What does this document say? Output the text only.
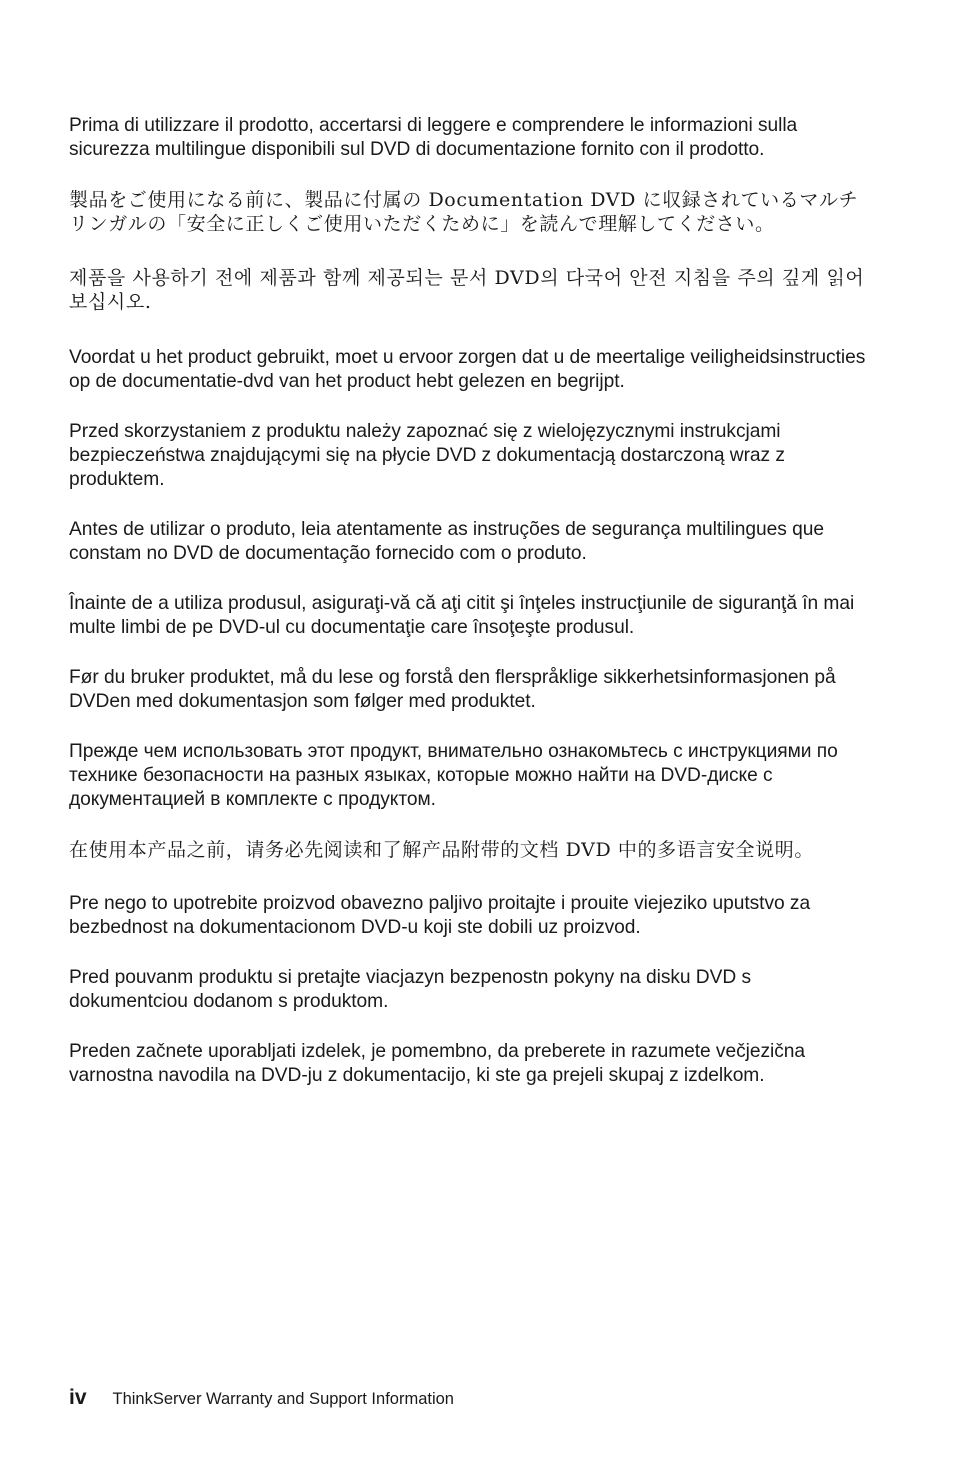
Prima di utilizzare il prodotto, accertarsi di leggere e comprendere le informazioni sulla sicurezza multilingue disponibili sul DVD di documentazione fornito con il prodotto.

製品をご使用になる前に、製品に付属の Documentation DVD に収録されているマルチリンガルの「安全に正しくご使用いただくために」を読んで理解してください。

제품을 사용하기 전에 제품과 함께 제공되는 문서 DVD의 다국어 안전 지침을 주의 깊게 읽어보십시오.

Voordat u het product gebruikt, moet u ervoor zorgen dat u de meertalige veiligheidsinstructies op de documentatie-dvd van het product hebt gelezen en begrijpt.

Przed skorzystaniem z produktu należy zapoznać się z wielojęzycznymi instrukcjami bezpieczeństwa znajdującymi się na płycie DVD z dokumentacją dostarczoną wraz z produktem.

Antes de utilizar o produto, leia atentamente as instruções de segurança multilingues que constam no DVD de documentação fornecido com o produto.

Înainte de a utiliza produsul, asiguraţi-vă că aţi citit şi înţeles instrucţiunile de siguranţă în mai multe limbi de pe DVD-ul cu documentaţie care însoţeşte produsul.

Før du bruker produktet, må du lese og forstå den flerspråklige sikkerhetsinformasjonen på DVDen med dokumentasjon som følger med produktet.

Прежде чем использовать этот продукт, внимательно ознакомьтесь с инструкциями по технике безопасности на разных языках, которые можно найти на DVD-диске с документацией в комплекте с продуктом.

在使用本产品之前，请务必先阅读和了解产品附带的文档 DVD 中的多语言安全说明。

Pre nego to upotrebite proizvod obavezno paljivo proitajte i prouite viejeziko uputstvo za bezbednost na dokumentacionom DVD-u koji ste dobili uz proizvod.

Pred pouvanm produktu si pretajte viacjazyn bezpenostn pokyny na disku DVD s dokumentciou dodanom s produktom.

Preden začnete uporabljati izdelek, je pomembno, da preberete in razumete večjezična varnostna navodila na DVD-ju z dokumentacijo, ki ste ga prejeli skupaj z izdelkom.

iv ThinkServer Warranty and Support Information
